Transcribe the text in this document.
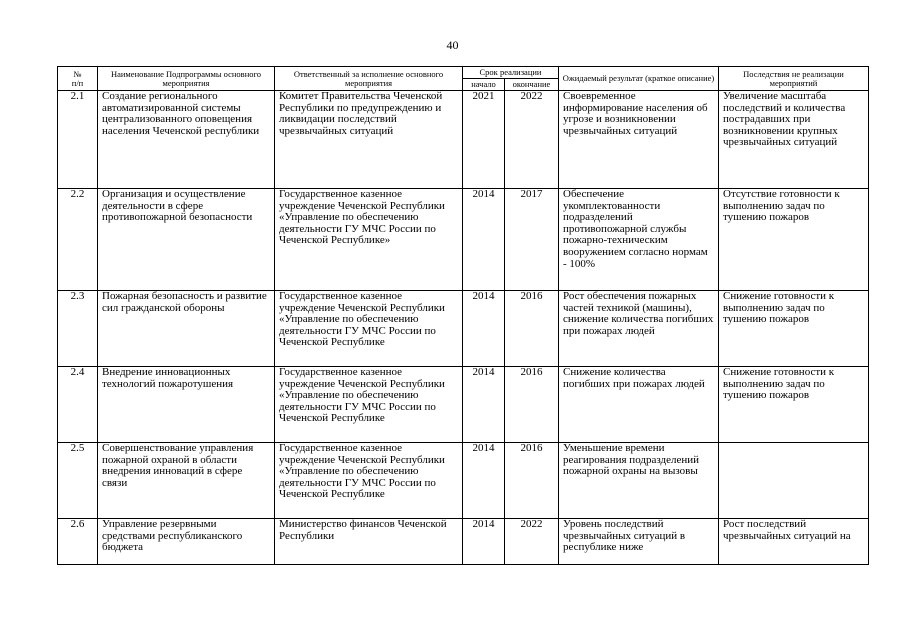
40
№
п/п	Наименование Подпрограммы основного мероприятия	Ответственный за исполнение основного мероприятия	Срок реализации		Ожидаемый результат (краткое описание)	Последствия не реализации мероприятий
			начало	окончание		
2.1	Создание регионального автоматизированной системы централизованного оповещения населения Чеченской республики	Комитет Правительства Чеченской Республики по предупреждению и ликвидации последствий чрезвычайных ситуаций	2021	2022	Своевременное информирование населения об угрозе и возникновении чрезвычайных ситуаций	Увеличение масштаба последствий и количества пострадавших при возникновении крупных чрезвычайных ситуаций
2.2	Организация и осуществление деятельности в сфере противопожарной безопасности	Государственное казенное учреждение Чеченской Республики «Управление по обеспечению деятельности ГУ МЧС России по Чеченской Республике»	2014	2017	Обеспечение укомплектованности подразделений противопожарной службы пожарно-техническим вооружением согласно нормам - 100%	Отсутствие готовности к выполнению задач по тушению пожаров
2.3	Пожарная безопасность и развитие сил гражданской обороны	Государственное казенное учреждение Чеченской Республики «Управление по обеспечению деятельности ГУ МЧС России по Чеченской Республике	2014	2016	Рост обеспечения пожарных частей техникой (машины), снижение количества погибших при пожарах людей	Снижение готовности к выполнению задач по тушению пожаров
2.4	Внедрение инновационных технологий пожаротушения	Государственное казенное учреждение Чеченской Республики «Управление по обеспечению деятельности ГУ МЧС России по Чеченской Республике	2014	2016	Снижение количества погибших при пожарах людей	Снижение готовности к выполнению задач по тушению пожаров
2.5	Совершенствование управления пожарной охраной в области внедрения инноваций в сфере связи	Государственное казенное учреждение Чеченской Республики «Управление по обеспечению деятельности ГУ МЧС России по Чеченской Республике	2014	2016	Уменьшение времени реагирования подразделений пожарной охраны на вызовы	
2.6	Управление резервными средствами республиканского бюджета	Министерство финансов Чеченской Республики	2014	2022	Уровень последствий чрезвычайных ситуаций в республике ниже	Рост последствий чрезвычайных ситуаций на
